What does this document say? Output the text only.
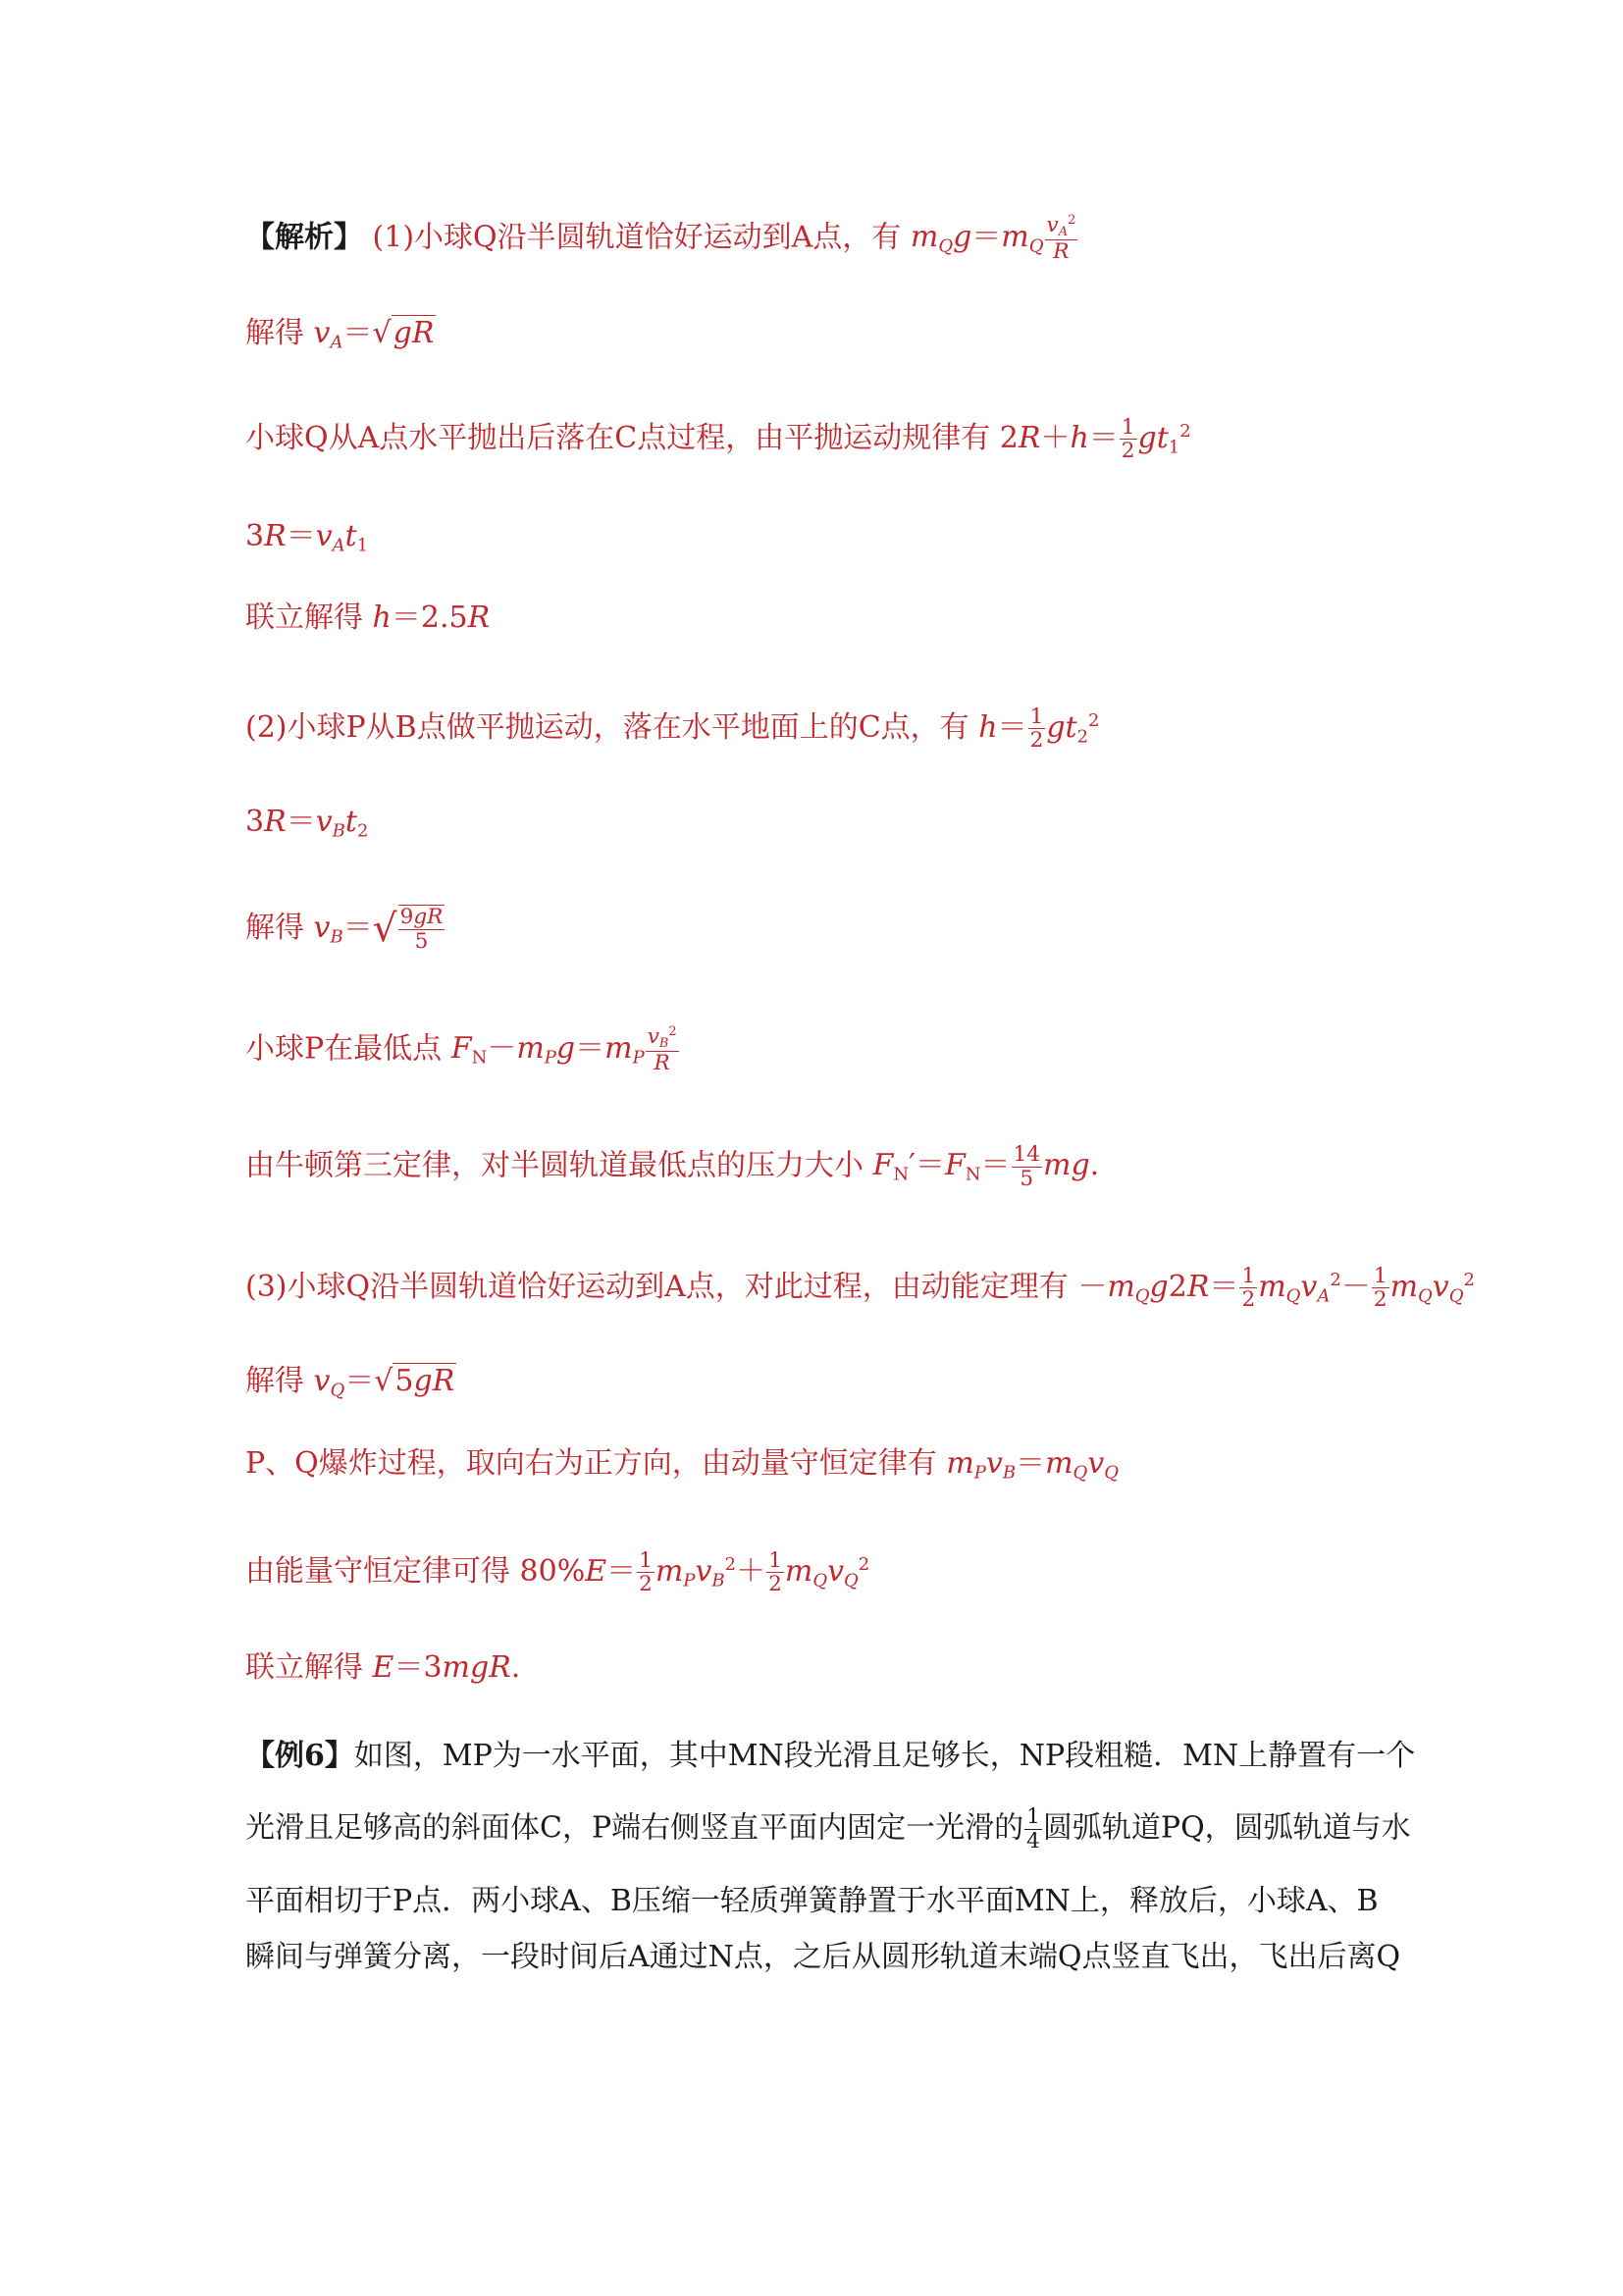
【解析】 (1)小球Q沿半圆轨道恰好运动到A点，有 $m_Qg=m_Q \frac{v_A^2}{R}$
解得 $v_A=√gR$
小球Q从A点水平抛出后落在C点过程，由平抛运动规律有 $2R+h= \frac{1}{2} gt_1^2$
$3R=v_At_1$
联立解得 h＝2.5R
(2)小球P从B点做平抛运动，落在水平地面上的C点，有 $h= \frac{1}{2} gt_2^2$
$3R=v_Bt_2$
解得 $v_B=√ \frac{9gR}{5}$
小球P在最低点 $F_N-m_Pg=m_P \frac{v_B^2}{R}$
由牛顿第三定律，对半圆轨道最低点的压力大小 $F_N'=F_N= \frac{14}{5}$ mg.
(3)小球Q沿半圆轨道恰好运动到A点，对此过程，由动能定理有 $-m_Qg2R= \frac{1}{2} m_Qv_A^2- \frac{1}{2} m_Qv_Q^2$
解得 $v_Q=√5gR$
P、Q爆炸过程，取向右为正方向，由动量守恒定律有 $m_Pv_B=m_Qv_Q$
由能量守恒定律可得 $80\%E= \frac{1}{2} m_Pv_B^2+ \frac{1}{2} m_Qv_Q^2$
联立解得 E＝3mgR.
【例6】如图，MP为一水平面，其中MN段光滑且足够长，NP段粗糙．MN上静置有一个
光滑且足够高的斜面体C，P端右侧竖直平面内固定一光滑的 $\frac{1}{4}$ 圆弧轨道PQ，圆弧轨道与水
平面相切于P点．两小球A、B压缩一轻质弹簧静置于水平面MN上，释放后，小球A、B
瞬间与弹簧分离，一段时间后A通过N点，之后从圆形轨道末端Q点竖直飞出，飞出后离Q
